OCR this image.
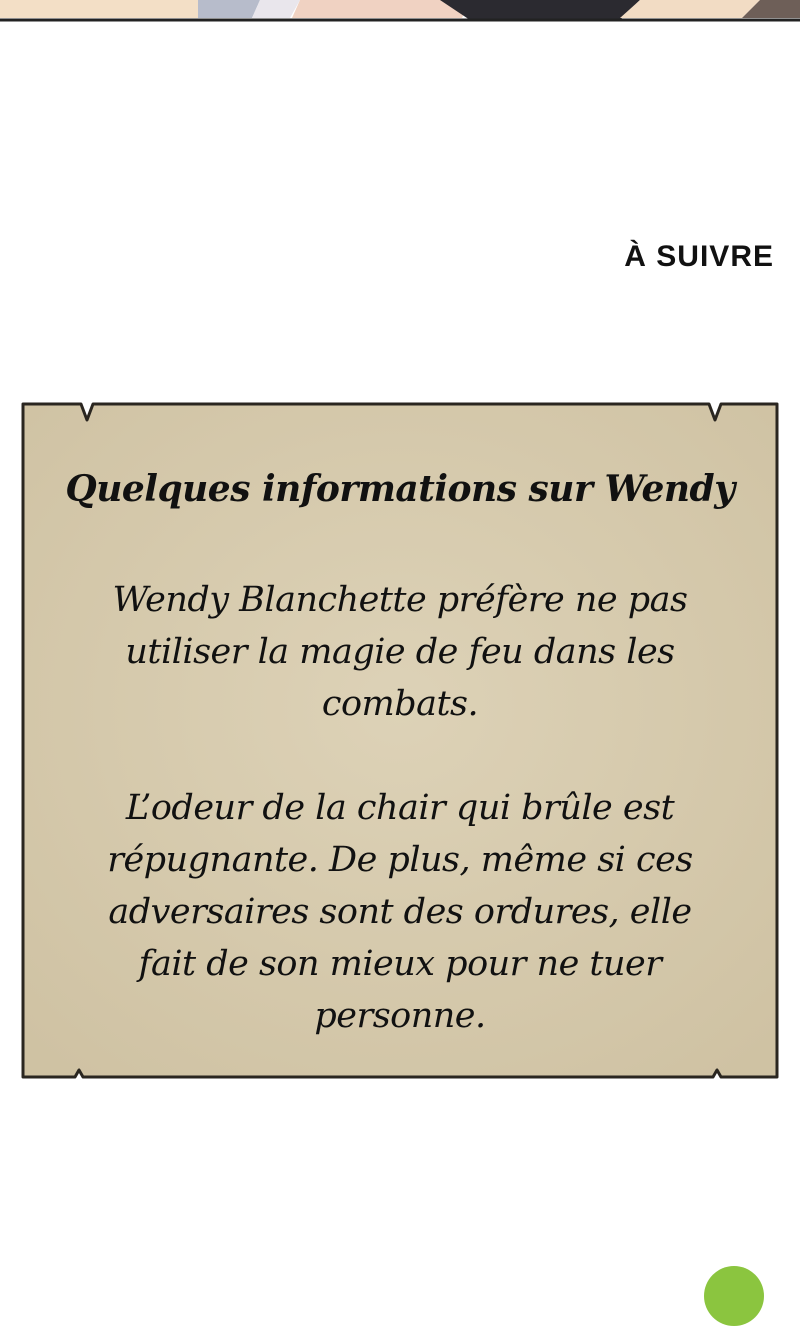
À SUIVRE
Quelques informations sur Wendy
Wendy Blanchette préfère ne pas utiliser la magie de feu dans les combats.
L’odeur de la chair qui brûle est répugnante. De plus, même si ces adversaires sont des ordures, elle fait de son mieux pour ne tuer personne.
